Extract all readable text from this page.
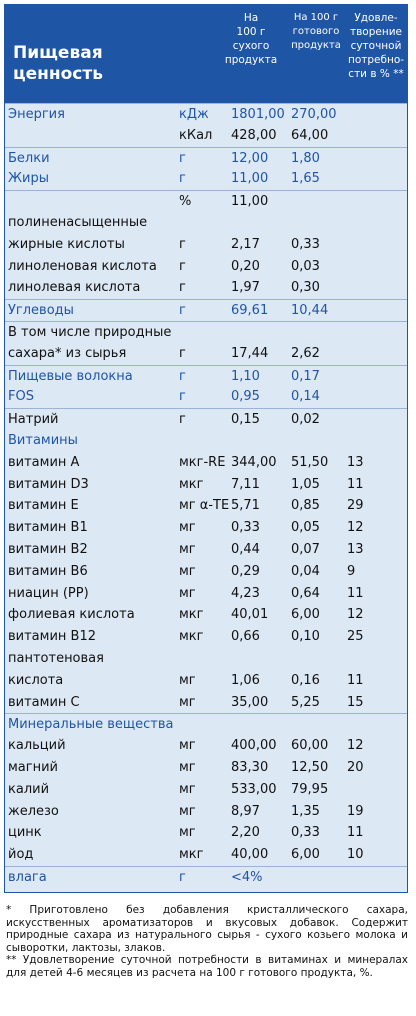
Пищевая
ценность
На
100 г
сухого
продукта
На 100 г
готового
продукта
Удовле-
творение
суточной
потребно-
сти в % **
Энергия	кДж 1801,00 270,00
кКал 428,00 64,00
Белки	г	12,00 1,80
Жиры	г	11,00 1,65
%	11,00
полиненасыщенные
жирные кислоты	г	2,17 0,33
линоленовая кислота г	0,20 0,03
линолевая кислота	г	1,97 0,30
Углеводы	г	69,61 10,44
В том числе природные
сахара* из сырья	г	17,44 2,62
Пищевые волокна	г	1,10 0,17
FOS	г	0,95 0,14
Натрий	г	0,15 0,02
Витамины
витамин А	мкг-RE 344,00 51,50 13
витамин D3	мкг 7,11 1,05 11
витамин Е	мг α-TE 5,71 0,85 29
витамин В1	мг	0,33 0,05 12
витамин В2	мг	0,44 0,07 13
витамин В6	мг	0,29 0,04 9
ниацин (РР)	мг	4,23 0,64 11
фолиевая кислота	мкг 40,01 6,00 12
витамин В12	мкг 0,66 0,10 25
пантотеновая
кислота	мг	1,06 0,16 11
витамин С	мг	35,00 5,25 15
Минеральные вещества
кальций	мг	400,00 60,00 12
магний	мг	83,30 12,50 20
калий	мг	533,00 79,95
железо	мг	8,97 1,35 19
цинк	мг	2,20 0,33 11
йод	мкг 40,00 6,00 10
влага	г	<4%
* Приготовлено без добавления кристаллического сахара, искусственных ароматизаторов и вкусовых добавок. Содержит природные сахара из натурального сырья - сухого козьего молока и сыворотки, лактозы, злаков.
** Удовлетворение суточной потребности в витаминах и минералах для детей 4-6 месяцев из расчета на 100 г готового продукта, %.
